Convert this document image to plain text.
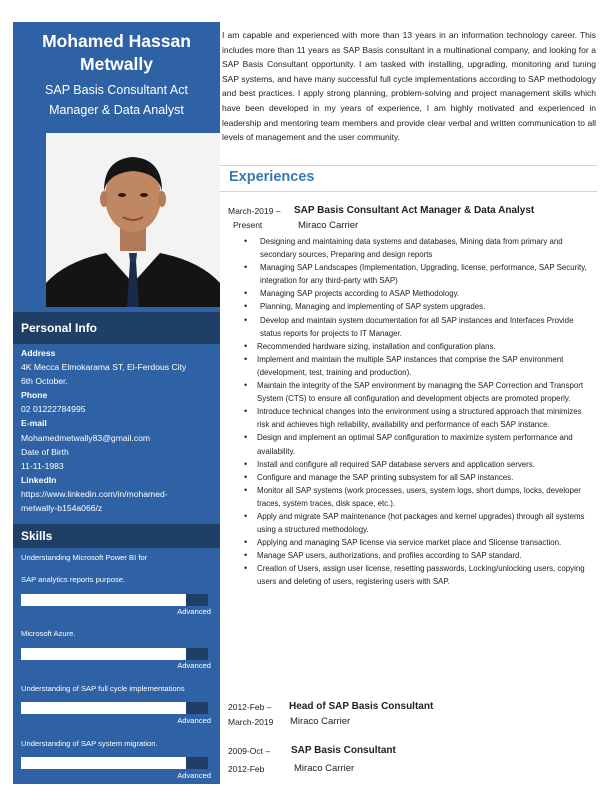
Mohamed Hassan
Metwally
SAP Basis Consultant Act
Manager & Data Analyst
Personal Info
Address
4K Mecca Elmokarama ST, El-Ferdous City
6th October.
Phone
02 01222784995
E-mail
Mohamedmetwally83@gmail.com
Date of Birth
11-11-1983
LinkedIn
https://www.linkedin.com/in/mohamed-
metwally-b154a066/z
Skills
Understanding Microsoft Power BI for
SAP analytics reports purpose.
Advanced
Microsoft Azure.
Advanced
Understanding of SAP full cycle implementations
Advanced
Understanding of SAP system migration.
Advanced
I am capable and experienced with more than 13 years in an information technology career. This includes more than 11 years as SAP Basis consultant in a multinational company, and looking for a SAP Basis Consultant opportunity. I am tasked with installing, upgrading, monitoring and tuning SAP systems, and have many successful full cycle implementations according to SAP methodology and best practices. I apply strong planning, problem-solving and project management skills which have been developed in my years of experience, I am highly motivated and experienced in leadership and mentoring team members and provide clear verbal and written communication to all levels of management and the user community.
Experiences
March-2019 –
Present
SAP Basis Consultant Act Manager & Data Analyst
Miraco Carrier
• Designing and maintaining data systems and databases, Mining data from primary and secondary sources, Preparing and design reports
• Managing SAP Landscapes (Implementation, Upgrading, license, performance, SAP Security, integration for any third-party with SAP)
• Managing SAP projects according to ASAP Methodology.
• Planning, Managing and implementing of SAP system upgrades.
• Develop and maintain system documentation for all SAP instances and Interfaces Provide status reports for projects to IT Manager.
• Recommended hardware sizing, installation and configuration plans.
• Implement and maintain the multiple SAP instances that comprise the SAP environment (development, test, training and production).
• Maintain the integrity of the SAP environment by managing the SAP Correction and Transport System (CTS) to ensure all configuration and development objects are promoted properly.
• Introduce technical changes into the environment using a structured approach that minimizes risk and achieves high reliability, availability and performance of each SAP instance.
• Design and implement an optimal SAP configuration to maximize system performance and availability.
• Install and configure all required SAP database servers and application servers.
• Configure and manage the SAP printing subsystem for all SAP instances.
• Monitor all SAP systems (work processes, users, system logs, short dumps, locks, developer traces, system traces, disk space, etc.).
• Apply and migrate SAP maintenance (hot packages and kernel upgrades) through all systems using a structured methodology.
• Applying and managing SAP license via service market place and Slicense transaction.
• Manage SAP users, authorizations, and profiles according to SAP standard.
• Creation of Users, assign user license, resetting passwords, Locking/unlocking users, copying users and deleting of users, registering users with SAP.
2012-Feb –
March-2019
Head of SAP Basis Consultant
Miraco Carrier
2009-Oct –
2012-Feb
SAP Basis Consultant
Miraco Carrier
